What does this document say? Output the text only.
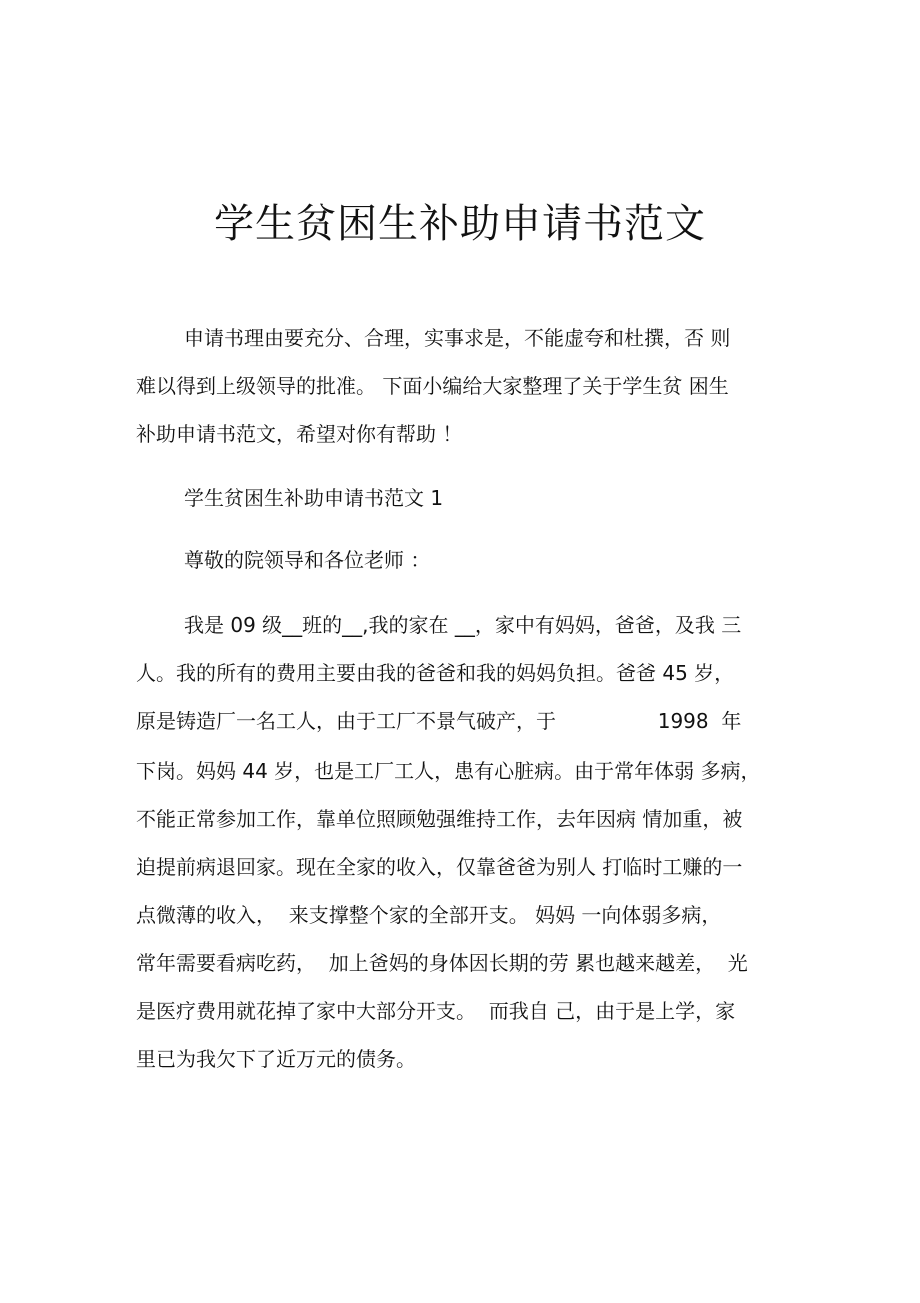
学生贫困生补助申请书范文
申请书理由要充分、合理，实事求是，不能虚夸和杜撰，否 则
难以得到上级领导的批准。 下面小编给大家整理了关于学生贫 困生
补助申请书范文，希望对你有帮助 ！
学生贫困生补助申请书范文 1
尊敬的院领导和各位老师 ：
我是 09 级__班的__,我的家在 __，家中有妈妈，爸爸，及我 三
人。我的所有的费用主要由我的爸爸和我的妈妈负担。爸爸 45 岁，
原是铸造厂一名工人，由于工厂不景气破产，于                1998  年
下岗。妈妈 44 岁，也是工厂工人，患有心脏病。由于常年体弱 多病，
不能正常参加工作，靠单位照顾勉强维持工作，去年因病 情加重，被
迫提前病退回家。现在全家的收入，仅靠爸爸为别人 打临时工赚的一
点微薄的收入，  来支撑整个家的全部开支。 妈妈 一向体弱多病，
常年需要看病吃药，  加上爸妈的身体因长期的劳 累也越来越差，  光
是医疗费用就花掉了家中大部分开支。  而我自 己，由于是上学，家
里已为我欠下了近万元的债务。
